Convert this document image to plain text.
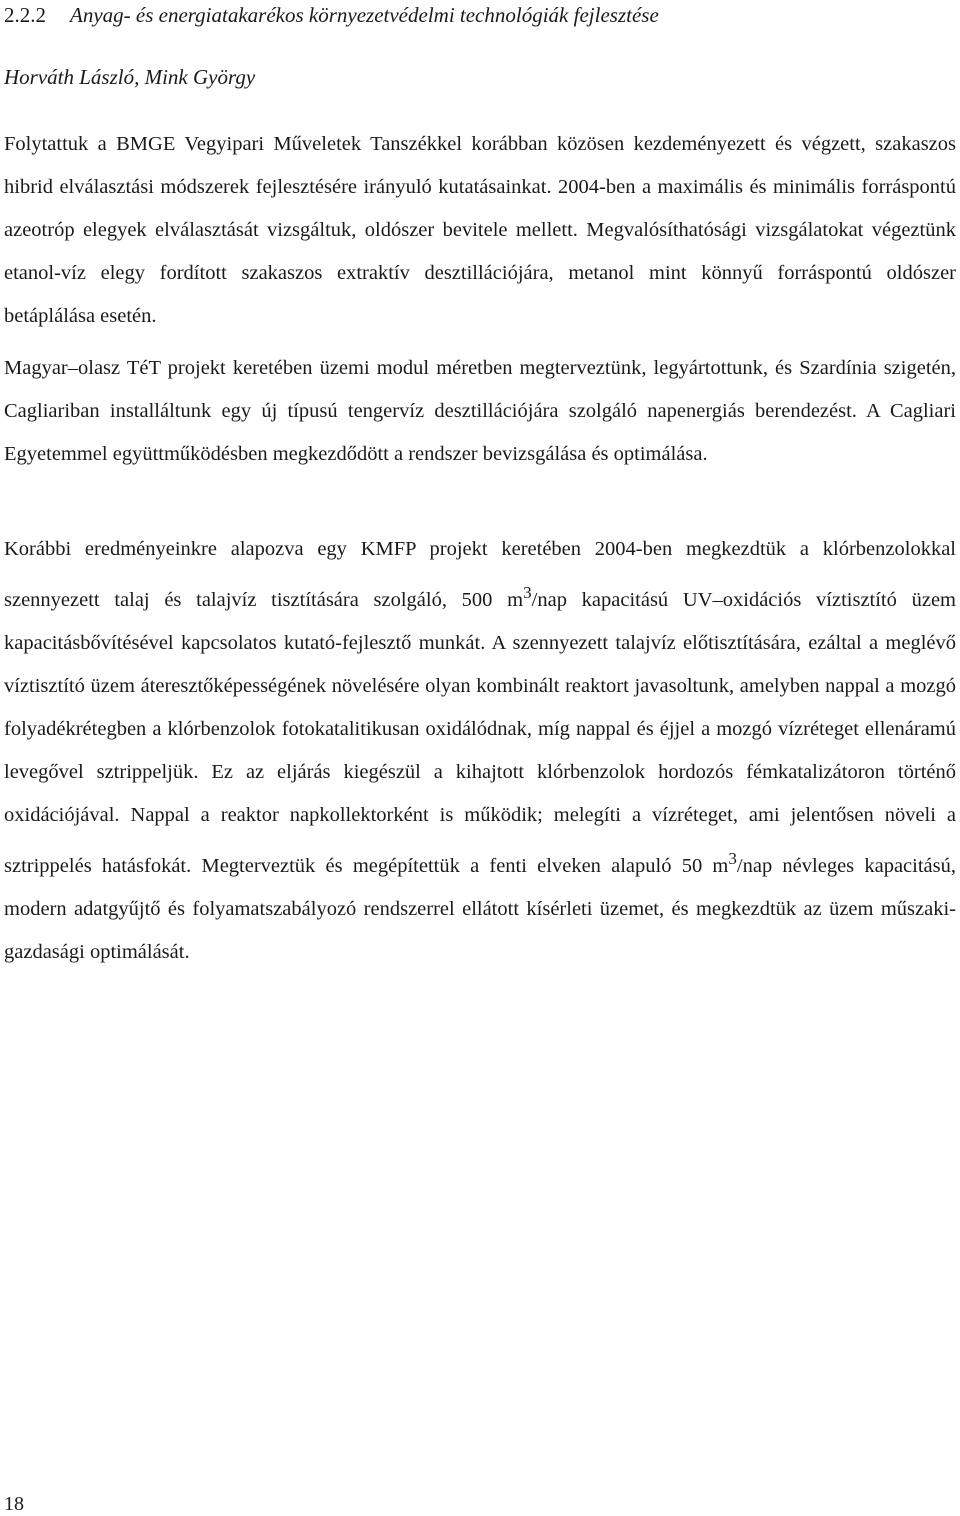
2.2.2 Anyag- és energiatakarékos környezetvédelmi technológiák fejlesztése
Horváth László, Mink György

Folytattuk a BMGE Vegyipari Műveletek Tanszékkel korábban közösen kezdeményezett és végzett, szakaszos hibrid elválasztási módszerek fejlesztésére irányuló kutatásainkat. 2004-ben a maximális és minimális forráspontú azeotróp elegyek elválasztását vizsgáltuk, oldószer bevitele mellett. Megvalósíthatósági vizsgálatokat végeztünk etanol-víz elegy fordított szakaszos extraktív desztillációjára, metanol mint könnyű forráspontú oldószer betáplálása esetén.

Magyar–olasz TéT projekt keretében üzemi modul méretben megterveztünk, legyártottunk, és Szardínia szigetén, Cagliariban installáltunk egy új típusú tengervíz desztillációjára szolgáló napenergiás berendezést. A Cagliari Egyetemmel együttműködésben megkezdődött a rendszer bevizsgálása és optimálása.

Korábbi eredményeinkre alapozva egy KMFP projekt keretében 2004-ben megkezdtük a klórbenzolokkal szennyezett talaj és talajvíz tisztítására szolgáló, 500 $m^3$/nap kapacitású UV–oxidációs víztisztító üzem kapacitásbővítésével kapcsolatos kutató-fejlesztő munkát. A szennyezett talajvíz előtisztítására, ezáltal a meglévő víztisztító üzem áteresztőképességének növelésére olyan kombinált reaktort javasoltunk, amelyben nappal a mozgó folyadékrétegben a klórbenzolok fotokatalitikusan oxidálódnak, míg nappal és éjjel a mozgó vízréteget ellenáramú levegővel sztrippeljük. Ez az eljárás kiegészül a kihajtott klórbenzolok hordozós fémkatalizátoron történő oxidációjával. Nappal a reaktor napkollektorként is működik; melegíti a vízréteget, ami jelentősen növeli a sztrippelés hatásfokát. Megterveztük és megépítettük a fenti elveken alapuló 50 $m^3$/nap névleges kapacitású, modern adatgyűjtő és folyamatszabályozó rendszerrel ellátott kísérleti üzemet, és megkezdtük az üzem műszaki-gazdasági optimálását.

18
